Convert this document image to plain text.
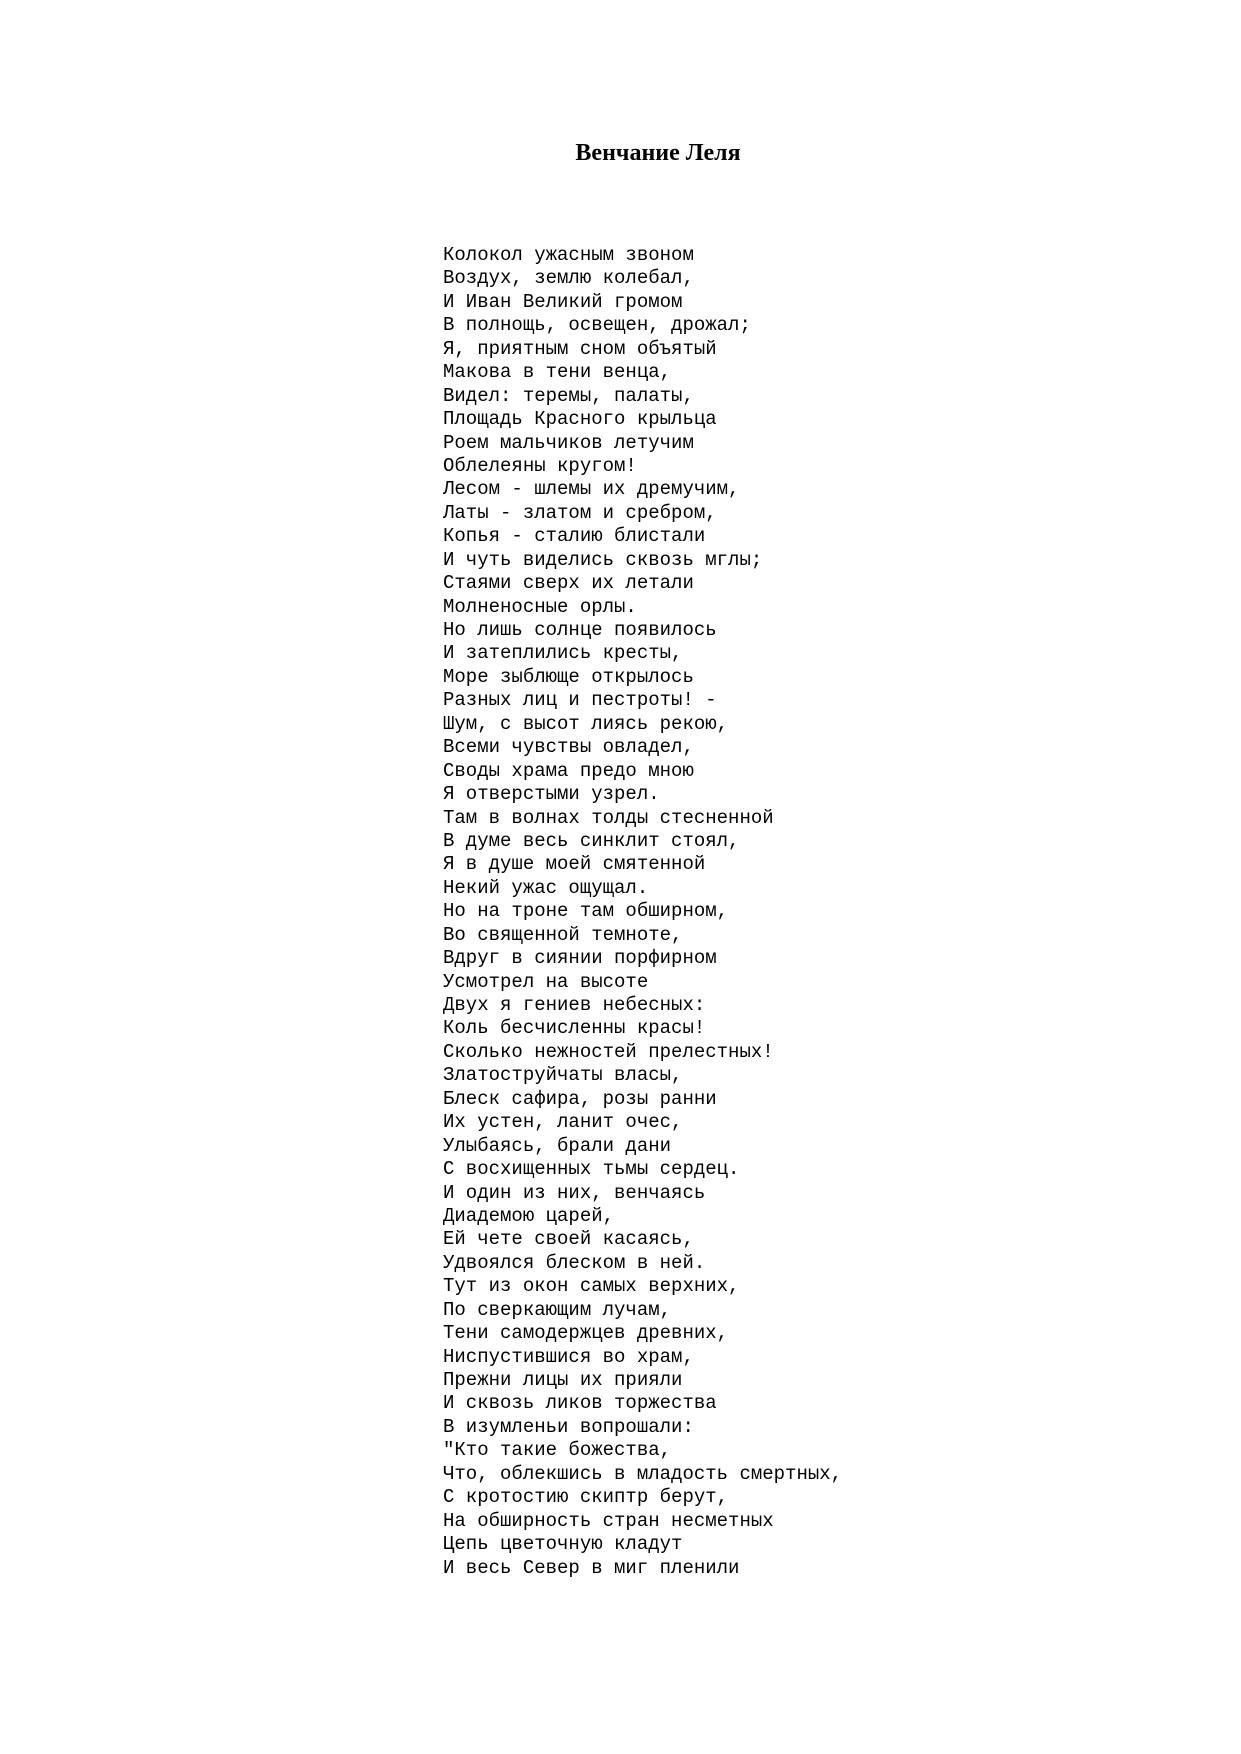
Венчание Леля
Колокол ужасным звоном
Воздух, землю колебал,
И Иван Великий громом
В полнощь, освещен, дрожал;
Я, приятным сном объятый
Макова в тени венца,
Видел: теремы, палаты,
Площадь Красного крыльца
Роем мальчиков летучим
Облелеяны кругом!
Лесом - шлемы их дремучим,
Латы - златом и сребром,
Копья - сталию блистали
И чуть виделись сквозь мглы;
Стаями сверх их летали
Молненосные орлы.
Но лишь солнце появилось
И затеплились кресты,
Море зыблюще открылось
Разных лиц и пестроты! -
Шум, с высот лиясь рекою,
Всеми чувствы овладел,
Своды храма предо мною
Я отверстыми узрел.
Там в волнах толды стесненной
В думе весь синклит стоял,
Я в душе моей смятенной
Некий ужас ощущал.
Но на троне там обширном,
Во священной темноте,
Вдруг в сиянии порфирном
Усмотрел на высоте
Двух я гениев небесных:
Коль бесчисленны красы!
Сколько нежностей прелестных!
Златоструйчаты власы,
Блеск сафира, розы ранни
Их устен, ланит очес,
Улыбаясь, брали дани
С восхищенных тьмы сердец.
И один из них, венчаясь
Диадемою царей,
Ей чете своей касаясь,
Удвоялся блеском в ней.
Тут из окон самых верхних,
По сверкающим лучам,
Тени самодержцев древних,
Ниспустившися во храм,
Прежни лицы их прияли
И сквозь ликов торжества
В изумленьи вопрошали:
"Кто такие божества,
Что, облекшись в младость смертных,
С кротостию скиптр берут,
На обширность стран несметных
Цепь цветочную кладут
И весь Север в миг пленили
